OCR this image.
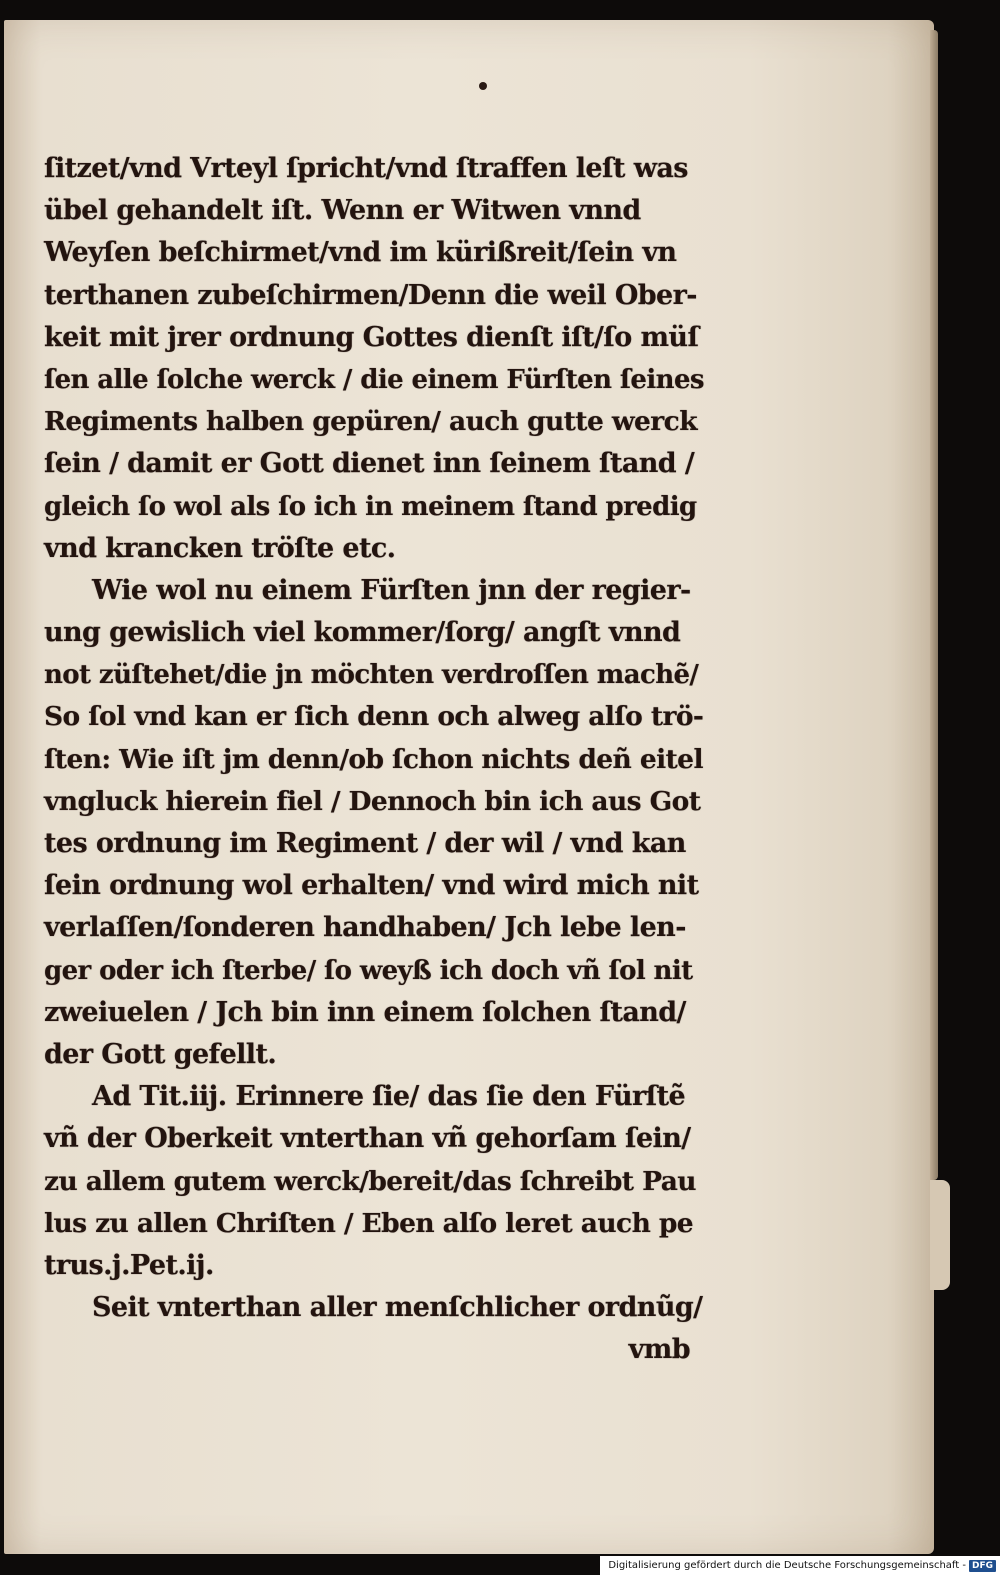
ſitzet/vnd Vrteyl ſpricht/vnd ſtraffen leſt was
übel gehandelt iſt. Wenn er Witwen vnnd
Weyſen beſchirmet/vnd im kürißreit/ſein vn
terthanen zubeſchirmen/Denn die weil Ober-
keit mit jrer ordnung Gottes dienſt iſt/ſo müſ
ſen alle ſolche werck / die einem Fürſten ſeines
Regiments halben gepüren/ auch gutte werck
ſein / damit er Gott dienet inn ſeinem ſtand /
gleich ſo wol als ſo ich in meinem ſtand predig
vnd krancken tröſte etc.
Wie wol nu einem Fürſten jnn der regier-
ung gewislich viel kommer/ſorg/ angſt vnnd
not züſtehet/die jn möchten verdroſſen machẽ/
So ſol vnd kan er ſich denn och alweg alſo trö-
ſten: Wie iſt jm denn/ob ſchon nichts deñ eitel
vngluck hierein fiel / Dennoch bin ich aus Got
tes ordnung im Regiment / der wil / vnd kan
ſein ordnung wol erhalten/ vnd wird mich nit
verlaſſen/ſonderen handhaben/ Jch lebe len-
ger oder ich ſterbe/ ſo weyß ich doch vñ ſol nit
zweiuelen / Jch bin inn einem ſolchen ſtand/
der Gott gefellt.
Ad Tit.iij. Erinnere ſie/ das ſie den Fürſtẽ
vñ der Oberkeit vnterthan vñ gehorſam ſein/
zu allem gutem werck/bereit/das ſchreibt Pau
lus zu allen Chriſten / Eben alſo leret auch pe
trus.j.Pet.ij.
Seit vnterthan aller menſchlicher ordnũg/
vmb
Digitalisierung gefördert durch die Deutsche Forschungsgemeinschaft - DFG
